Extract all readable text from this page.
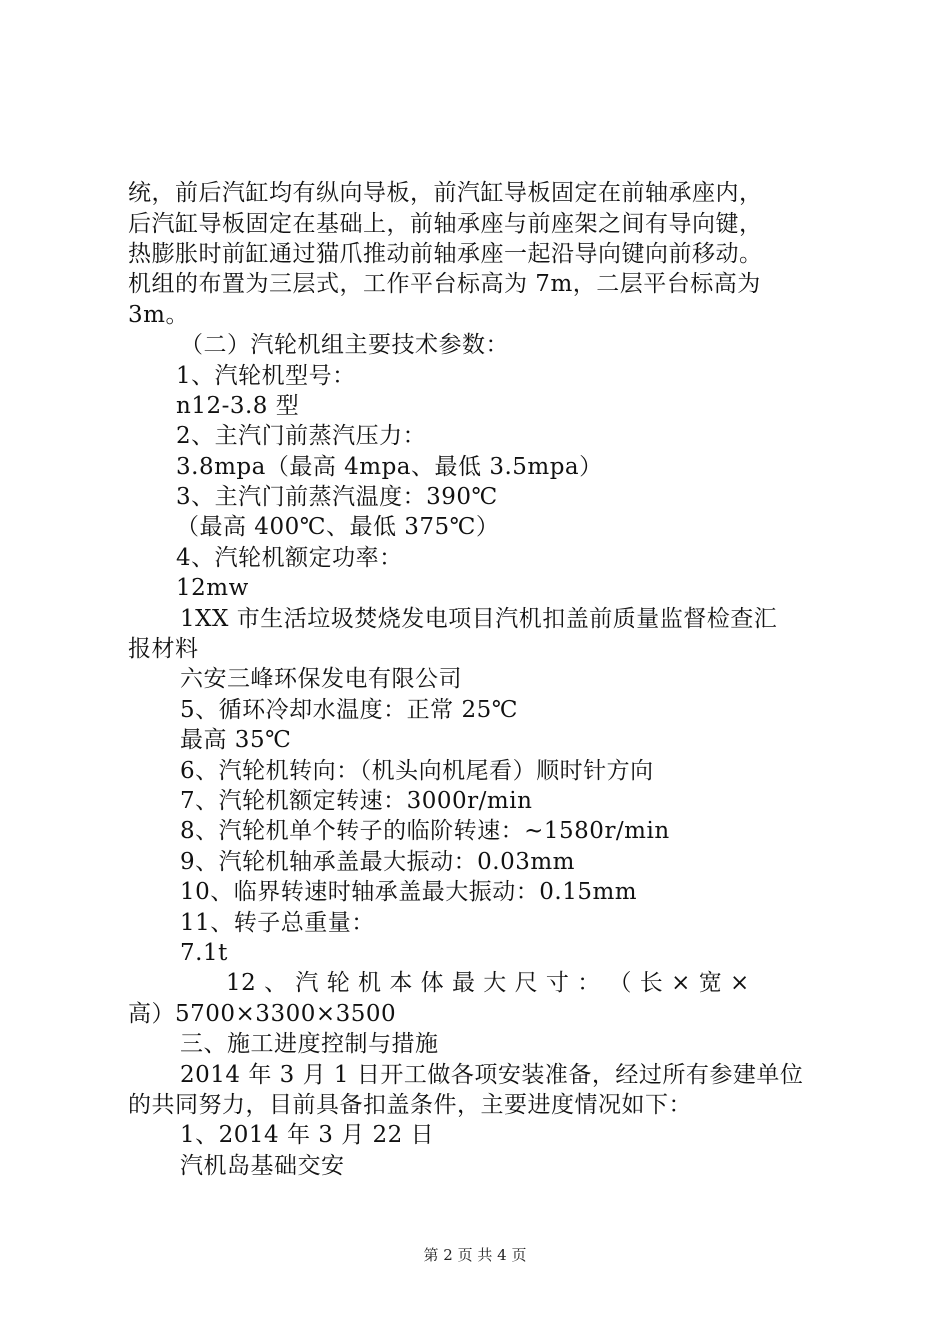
统，前后汽缸均有纵向导板，前汽缸导板固定在前轴承座内，
后汽缸导板固定在基础上，前轴承座与前座架之间有导向键，
热膨胀时前缸通过猫爪推动前轴承座一起沿导向键向前移动。
机组的布置为三层式，工作平台标高为 7m，二层平台标高为
3m。
（二）汽轮机组主要技术参数：
1、汽轮机型号：
n12-3.8 型
2、主汽门前蒸汽压力：
3.8mpa（最高 4mpa、最低 3.5mpa）
3、主汽门前蒸汽温度：390℃
（最高 400℃、最低 375℃）
4、汽轮机额定功率：
12mw
1XX 市生活垃圾焚烧发电项目汽机扣盖前质量监督检查汇
报材料
六安三峰环保发电有限公司
5、循环冷却水温度：正常 25℃
最高 35℃
6、汽轮机转向：（机头向机尾看）顺时针方向
7、汽轮机额定转速：3000r/min
8、汽轮机单个转子的临阶转速：~1580r/min
9、汽轮机轴承盖最大振动：0.03mm
10、临界转速时轴承盖最大振动：0.15mm
11、转子总重量：
7.1t
12 、 汽 轮 机 本 体 最 大 尺 寸 ： （ 长 × 宽 ×
高）5700×3300×3500
三、施工进度控制与措施
2014 年 3 月 1 日开工做各项安装准备，经过所有参建单位
的共同努力，目前具备扣盖条件，主要进度情况如下：
1、2014 年 3 月 22 日
汽机岛基础交安
第 2 页 共 4 页
